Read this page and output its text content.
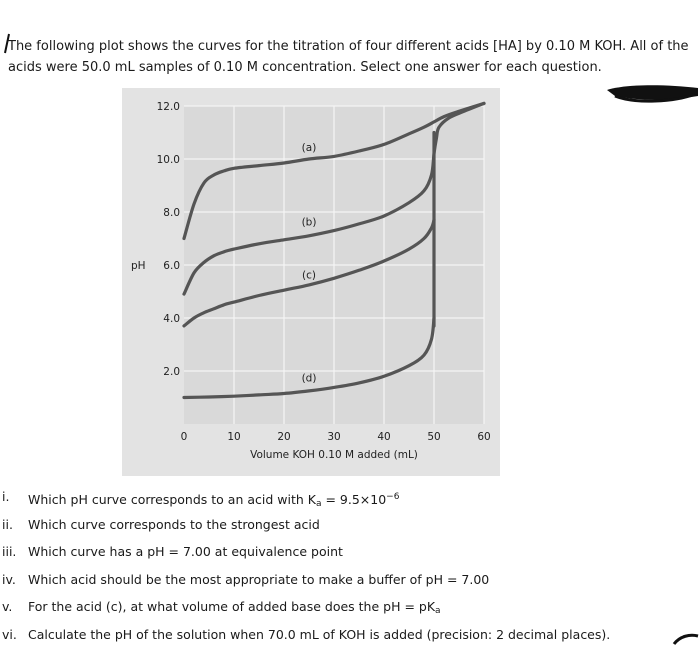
The following plot shows the curves for the titration of four different acids [HA] by 0.10 M KOH. All of the acids were 50.0 mL samples of 0.10 M concentration. Select one answer for each question.

0	10	20	30	40	50	60
2.0
4.0
6.0
8.0
10.0
12.0
Volume KOH 0.10 M added (mL)
pH
(a)
(b)
(c)
(d)
i.	Which pH curve corresponds to an acid with $K_a = 9.5\times 10^{-6}$
ii.	Which curve corresponds to the strongest acid
iii. Which curve has a pH = 7.00 at equivalence point
iv. Which acid should be the most appropriate to make a buffer of pH = 7.00
v.	For the acid (c), at what volume of added base does the pH = $pK_a$
vi. Calculate the pH of the solution when 70.0 mL of KOH is added (precision: 2 decimal places).
